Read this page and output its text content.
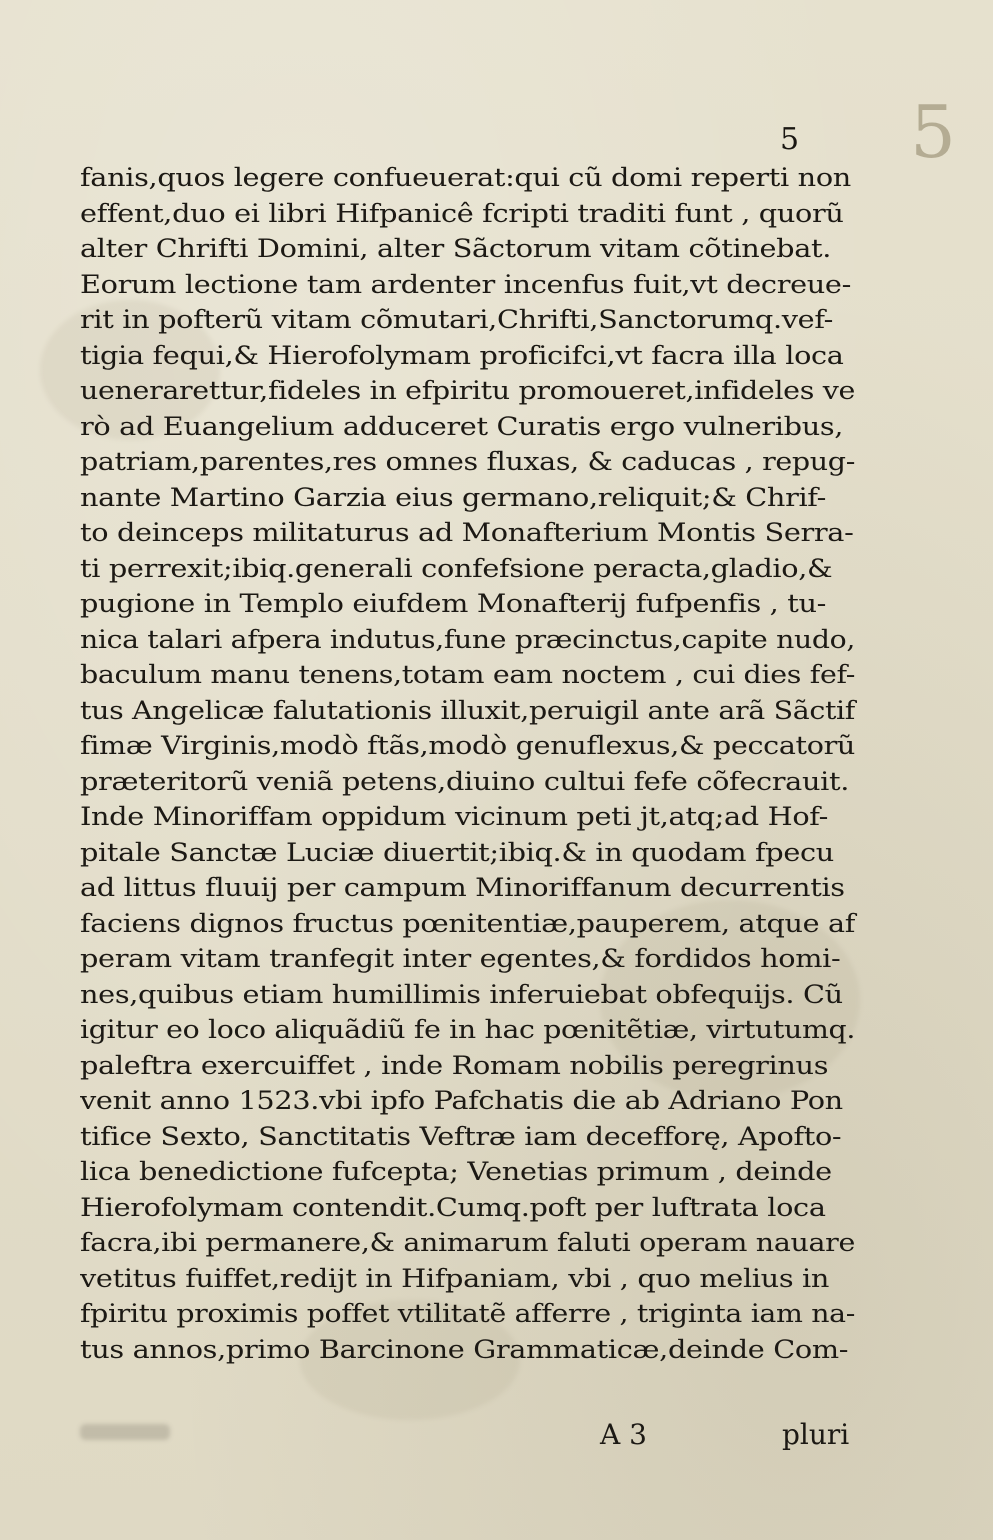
5
5
fanis,quos legere confueuerat:qui cũ domi reperti non
effent,duo ei libri Hifpanicê fcripti traditi funt , quorũ
alter Chrifti Domini, alter Sãctorum vitam cõtinebat.
Eorum lectione tam ardenter incenfus fuit,vt decreue-
rit in pofterũ vitam cõmutari,Chrifti,Sanctorumq.vef-
tigia fequi,& Hierofolymam proficifci,vt facra illa loca
uenerarettur,fideles in efpiritu promoueret,infideles ve
rò ad Euangelium adduceret Curatis ergo vulneribus,
patriam,parentes,res omnes fluxas, & caducas , repug-
nante Martino Garzia eius germano,reliquit;& Chrif-
to deinceps militaturus ad Monafterium Montis Serra-
ti perrexit;ibiq.generali confefsione peracta,gladio,&
pugione in Templo eiufdem Monafterij fufpenfis , tu-
nica talari afpera indutus,fune præcinctus,capite nudo,
baculum manu tenens,totam eam noctem , cui dies fef-
tus Angelicæ falutationis illuxit,peruigil ante arã Sãctif
fimæ Virginis,modò ftãs,modò genuflexus,& peccatorũ
præteritorũ veniã petens,diuino cultui fefe cõfecrauit.
Inde Minoriffam oppidum vicinum peti jt,atq;ad Hof-
pitale Sanctæ Luciæ diuertit;ibiq.& in quodam fpecu
ad littus fluuij per campum Minoriffanum decurrentis
faciens dignos fructus pœnitentiæ,pauperem, atque af
peram vitam tranfegit inter egentes,& fordidos homi-
nes,quibus etiam humillimis inferuiebat obfequijs. Cũ
igitur eo loco aliquãdiũ fe in hac pœnitẽtiæ, virtutumq.
paleftra exercuiffet , inde Romam nobilis peregrinus
venit anno 1523.vbi ipfo Pafchatis die ab Adriano Pon
tifice Sexto, Sanctitatis Veftræ iam decefforę, Apofto-
lica benedictione fufcepta; Venetias primum , deinde
Hierofolymam contendit.Cumq.poft per luftrata loca
facra,ibi permanere,& animarum faluti operam nauare
vetitus fuiffet,redijt in Hifpaniam, vbi , quo melius in
fpiritu proximis poffet vtilitatẽ afferre , triginta iam na-
tus annos,primo Barcinone Grammaticæ,deinde Com-
A 3	pluri
